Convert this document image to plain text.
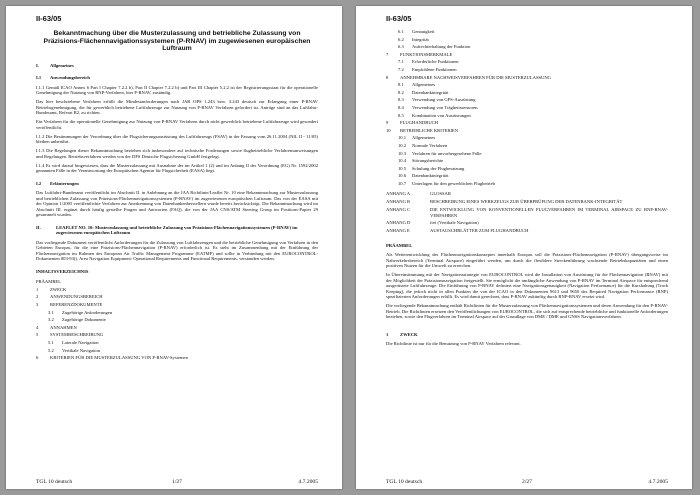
II-63/05
Bekanntmachung über die Musterzulassung und betriebliche Zulassung von Präzisions-Flächennavigationssystemen (P-RNAV) im zugewiesenen europäischen Luftraum
I. Allgemeines
I.1 Anwendungsbereich

I.1.1 Gemäß ICAO Annex 6 Part I Chapter 7.2.2 b), Part II Chapter 7.2.2 b) und Part III Chapter 5.2.2 ist der Registrierungsstaat für die operationelle Genehmigung der Nutzung von RNP-Verfahren, hier P-RNAV, zuständig.

Das hier beschriebene Verfahren erfüllt die Mindestanforderungen nach JAR OPS 1.243 bzw. 3.243 deutsch zur Erlangung einer P-RNAV Betriebsgenehmigung, die für gewerblich betriebene Luftfahrzeuge zur Nutzung von P-RNAV Verfahren gefordert ist. Anträge sind an das Luftfahrt-Bundesamt, Referat B2, zu richten.

Ein Verfahren für die operationelle Genehmigung zur Nutzung von P-RNAV Verfahren durch nicht gewerblich betriebene Luftfahrzeuge wird gesondert veröffentlicht.

I.1.2 Die Bestimmungen der Verordnung über die Flugsicherungsausrüstung des Luftfahrzeugs (FSAV) in der Fassung vom 26.11.2004 (NfL II - 11/05) bleiben unberührt.

I.1.3 Die Regelungen dieser Bekanntmachung beziehen sich insbesondere auf technische Forderungen sowie flugbetriebliche Verfahrensanweisungen und Regelungen. Betriebsverfahren werden von der DFS Deutsche Flugsicherung GmbH festgelegt.

I.1.4 Es wird darauf hingewiesen, dass die Musterzulassung mit Ausnahme der im Artikel 1 (2) und im Anhang II der Verordnung (EG) Nr. 1592/2002 genannten Fälle in der Verantwortung der Europäischen Agentur für Flugsicherheit (EASA) liegt.

I.2 Erläuterungen

Das Luftfahrt-Bundesamt veröffentlicht im Abschnitt II. in Anlehnung an die JAA Richtlinie/Leaflet Nr. 10 eine Bekanntmachung zur Musterzulassung und betrieblichen Zulassung von Präzisions-Flächennavigationssystemen (P-RNAV) im zugewiesenen europäischen Luftraum. Das von der EASA mit der Opinion 1/2005 veröffentlichte Verfahren zur Anerkennung von Datenbankenherstellern wurde bereits berücksichtigt. Die Bekanntmachung wird im Abschnitt III. ergänzt durch häufig gestellte Fragen und Antworten (FAQ), die von der JAA CNS/ATM Steering Group im Positions-Papier 29 gesammelt wurden.

II.	LEAFLET NO. 10: Musterzulassung und betriebliche Zulassung von Präzisions-Flächennavigationssystemen (P-RNAV) im zugewiesenen europäischen Luftraum

Das vorliegende Dokument veröffentlicht Anforderungen für die Zulassung von Luftfahrzeugen und die betriebliche Genehmigung von Verfahren in den Gebieten Europas, für die eine Präzisions-Flächennavigation (P-RNAV) erforderlich ist. Es steht im Zusammenhang mit der Einführung der Flächennavigation im Rahmen des European Air Traffic Management Programme (EATMP) und sollte in Verbindung mit den EUROCONTROL-Dokumenten 003-93(), Area Navigation Equipment: Operational Requirements and Functional Requirements, verstanden werden.

INHALTSVERZEICHNIS
PRÄAMBEL
1	ZWECK
2	ANWENDUNGSBEREICH
3	REFERENZDOKUMENTE
3.1	Zugehörige Anforderungen
3.2	Zugehörige Dokumente
4	ANNAHMEN
5	SYSTEMBESCHREIBUNG
5.1	Laterale Navigation
5.2	Vertikale Navigation
6	KRITERIEN FÜR DIE MUSTERZULASSUNG VON P-RNAV-Systemen
TGL 10 deutsch	1/27	4.7.2005
II-63/05
6.1	Genauigkeit
6.2	Integrität
6.3	Aufrechterhaltung der Funktion
7	FUNKTIONSMERKMALE
7.1	Erforderliche Funktionen
7.2	Empfohlene Funktionen
8	ANNEHMBARE NACHWEISVERFAHREN FÜR DIE MUSTERZULASSUNG
8.1	Allgemeines
8.2	Datenbankintegrität
8.3	Verwendung von GPS-Ausrüstung
8.4	Verwendung von Trägheitssensoren
8.5	Kombination von Ausrüstungen
9	FLUGHANDBUCH
10	BETRIEBLICHE KRITERIEN
10.1	Allgemeines
10.2	Normale Verfahren
10.3	Verfahren für unvorhergesehene Fälle
10.4	Störungsberichte
10.5	Schulung der Flugbesatzung
10.6	Datenbankintegrität
10.7	Unterlagen für den gewerblichen Flugbetrieb
ANHANG A	GLOSSAR
ANHANG B	BESCHREIBUNG EINES WERKZEUGS ZUR ÜBERPRÜFUNG DER DATENBANK-INTEGRITÄT
ANHANG C	DIE ENTWICKLUNG VON KONVENTIONELLEN FLUGVERFAHREN IM TERMINAL AIRSPACE ZU RNP-RNAV-VERFAHREN
ANHANG D	frei (Vertikale Navigation)
ANHANG E	AUSTAUSCHBLÄTTER ZUM FLUGHANDBUCH
PRÄAMBEL

Als Weiterentwicklung des Flächennavigationskonzeptes innerhalb Europas soll die Präzisions-Flächennavigation (P-RNAV) übergangsweise im Nahverkehrsbereich (Terminal Airspace) eingeführt werden, um durch die flexiblere Streckenführung wachsende Betriebskapazitäten und einen positiven Nutzen für die Umwelt zu erreichen.

In Übereinstimmung mit der Navigationsstrategie von EUROCONTROL wird die Installation von Ausrüstung für die Flächennavigation (RNAV) mit der Möglichkeit der Präzisionsnavigation freigestellt. Sie ermöglicht die umfängliche Anwendung von P-RNAV im Terminal Airspace für entsprechend ausgerüstete Luftfahrzeuge. Die Einführung von P-RNAV definiert eine Navigationsgenauigkeit (Navigation Performance) für die Kurshaltung (Track Keeping), die jedoch nicht in allen Punkten die von der ICAO in den Dokumenten 9613 und 9650 des Required Navigation Performance (RNP) spezifizierten Anforderungen erfüllt. Es wird damit gerechnet, dass P-RNAV zukünftig durch RNP-RNAV ersetzt wird.

Die vorliegende Bekanntmachung enthält Richtlinien für die Musterzulassung von Flächennavigationssystemen und deren Anwendung für den P-RNAV-Betrieb. Die Richtlinien ersetzen den Veröffentlichungen von EUROCONTROL, die sich auf entsprechende betriebliche und funktionelle Anforderungen beziehen, sowie den Flugverfahren im Terminal Airspace auf der Grundlage von DME / DME und GNSS Navigationsverfahren.

1	ZWECK

Die Richtlinie ist nur für die Benutzung von P-RNAV Verfahren relevant.

TGL 10 deutsch	2/27	4.7.2005
